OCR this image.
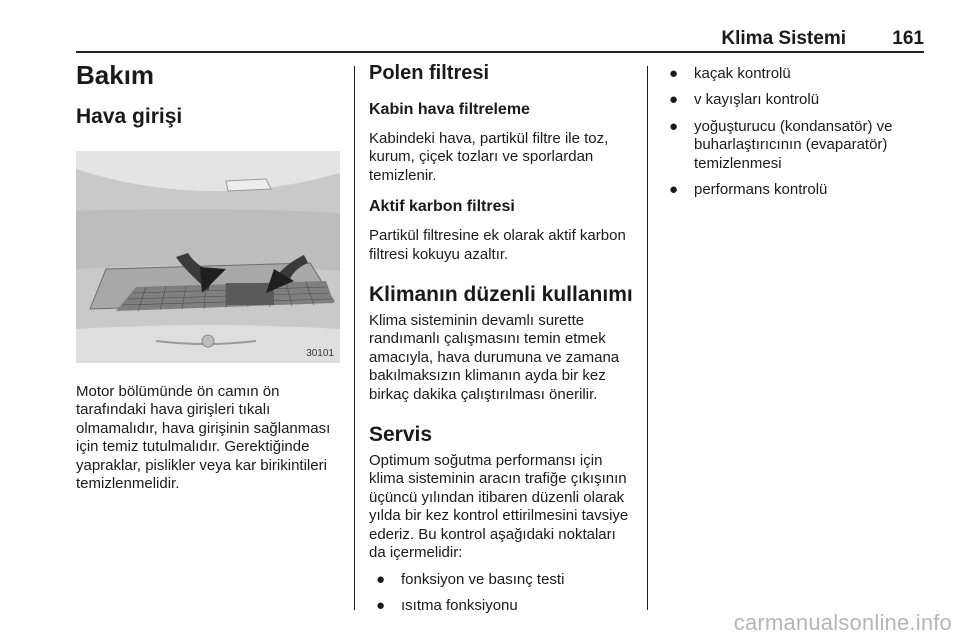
Klima Sistemi 161
Bakım
Hava girişi
30101

Motor bölümünde ön camın ön tarafındaki hava girişleri tıkalı olmamalıdır, hava girişinin sağlanması için temiz tutulmalıdır. Gerektiğinde yapraklar, pislikler veya kar birikintileri temizlenmelidir.

Polen filtresi
Kabin hava filtreleme

Kabindeki hava, partikül filtre ile toz, kurum, çiçek tozları ve sporlardan temizlenir.

Aktif karbon filtresi

Partikül filtresine ek olarak aktif karbon filtresi kokuyu azaltır.

Klimanın düzenli kullanımı

Klima sisteminin devamlı surette randımanlı çalışmasını temin etmek amacıyla, hava durumuna ve zamana bakılmaksızın klimanın ayda bir kez birkaç dakika çalıştırılması önerilir.

Servis

Optimum soğutma performansı için klima sisteminin aracın trafiğe çıkışının üçüncü yılından itibaren düzenli olarak yılda bir kez kontrol ettirilmesini tavsiye ederiz. Bu kontrol aşağıdaki noktaları da içermelidir:

● fonksiyon ve basınç testi
● ısıtma fonksiyonu
● kaçak kontrolü
● v kayışları kontrolü
● yoğuşturucu (kondansatör) ve buharlaştırıcının (evaparatör) temizlenmesi
● performans kontrolü
carmanualsonline.info
